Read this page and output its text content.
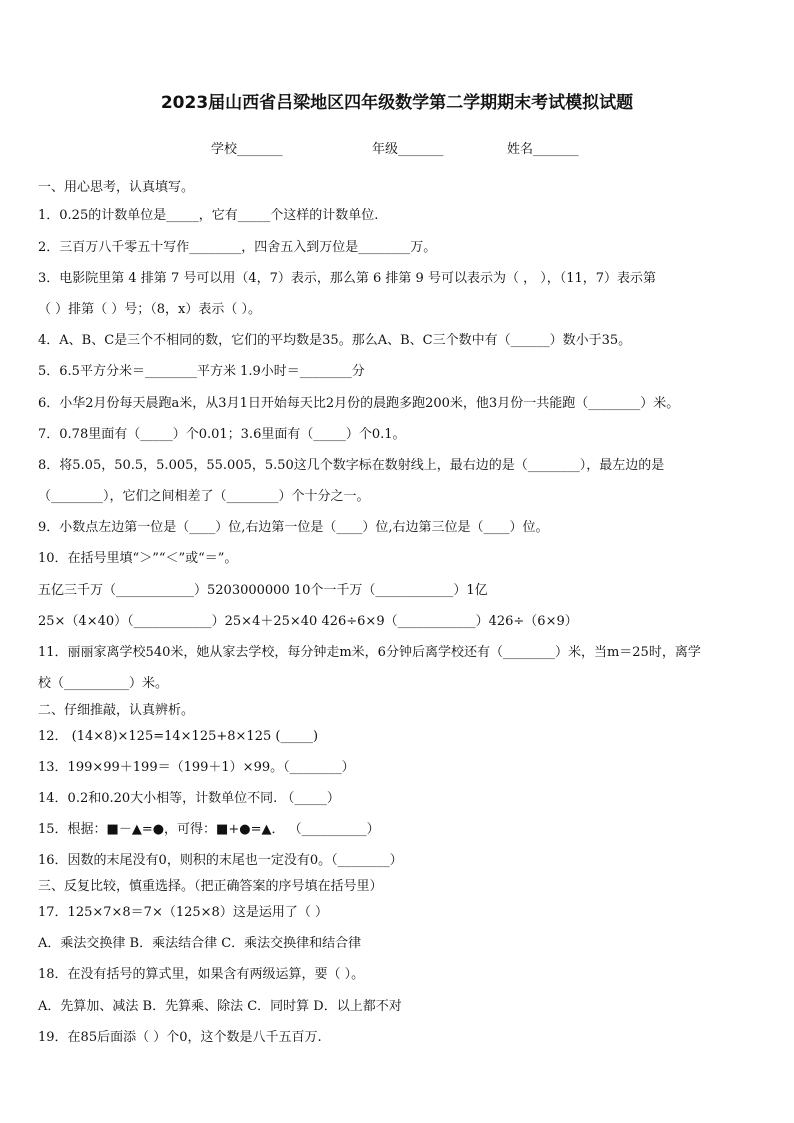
2023届山西省吕梁地区四年级数学第二学期期末考试模拟试题
学校_______	年级_______	姓名_______
一、用心思考，认真填写。
1．0.25的计数单位是_____，它有_____个这样的计数单位.
2．三百万八千零五十写作________，四舍五入到万位是________万。
3．电影院里第 4 排第 7 号可以用（4，7）表示，那么第 6 排第 9 号可以表示为（ ， ），（11，7）表示第
（ ）排第（ ）号；（8，x）表示（ ）。
4．A、B、C是三个不相同的数，它们的平均数是35。那么A、B、C三个数中有（______）数小于35。
5．6.5平方分米＝________平方米 1.9小时＝________分
6．小华2月份每天晨跑a米，从3月1日开始每天比2月份的晨跑多跑200米，他3月份一共能跑（________）米。
7．0.78里面有（_____）个0.01；3.6里面有（_____）个0.1。
8．将5.05，50.5，5.005，55.005，5.50这几个数字标在数射线上，最右边的是（________），最左边的是
（________），它们之间相差了（________）个十分之一。
9．小数点左边第一位是（____）位,右边第一位是（____）位,右边第三位是（____）位。
10．在括号里填“＞”“＜”或“＝”。
五亿三千万（____________）5203000000 10个一千万（____________）1亿
25×（4×40）（____________）25×4＋25×40 426÷6×9（____________）426÷（6×9）
11．丽丽家离学校540米，她从家去学校，每分钟走m米，6分钟后离学校还有（________）米，当m＝25时，离学
校（__________）米。
二、仔细推敲，认真辨析。
12． (14×8)×125=14×125+8×125 (_____)
13．199×99＋199＝（199＋1）×99。（________）
14．0.2和0.20大小相等，计数单位不同. （_____）
15．根据：■－▲=●，可得：■+●=▲． （__________）
16．因数的末尾没有0，则积的末尾也一定没有0。（________）
三、反复比较，慎重选择。（把正确答案的序号填在括号里）
17．125×7×8＝7×（125×8）这是运用了（ ）
A．乘法交换律 B．乘法结合律 C．乘法交换律和结合律
18．在没有括号的算式里，如果含有两级运算，要（ ）。
A．先算加、减法 B．先算乘、除法 C．同时算 D．以上都不对
19．在85后面添（ ）个0，这个数是八千五百万.
